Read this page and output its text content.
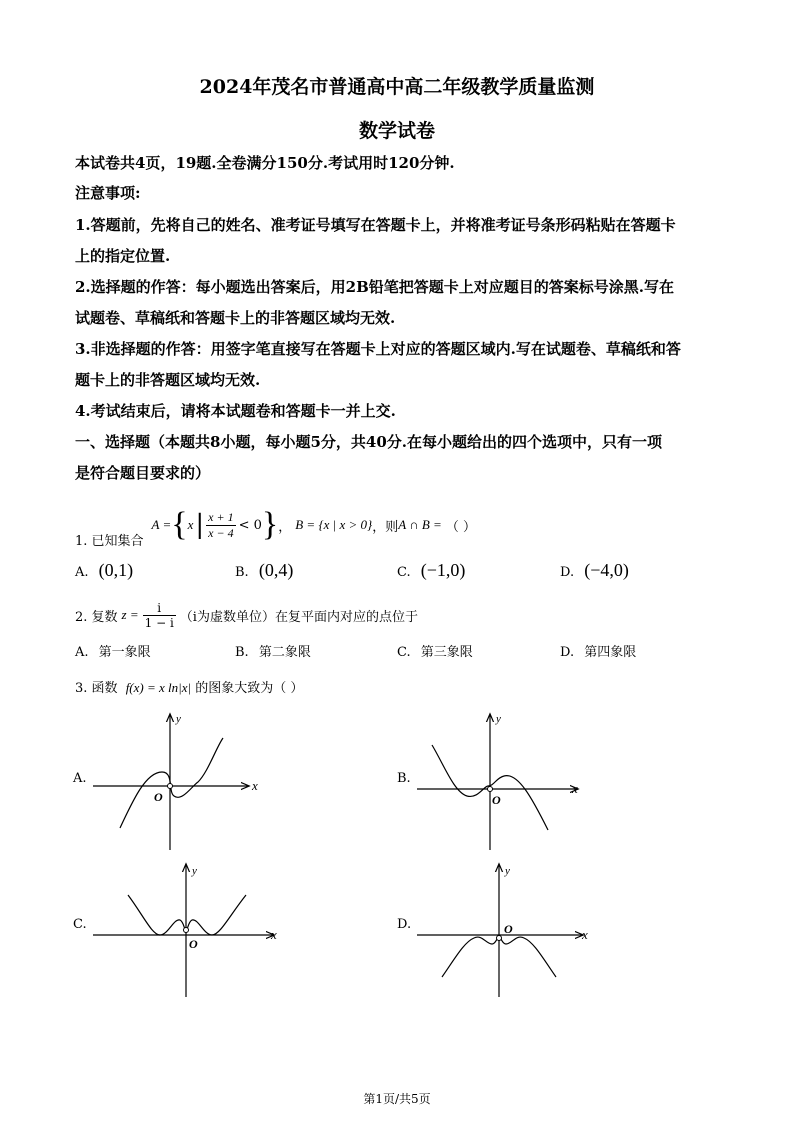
2024年茂名市普通高中高二年级教学质量监测
数学试卷
本试卷共4页，19题.全卷满分150分.考试用时120分钟.
注意事项:
1.答题前，先将自己的姓名、准考证号填写在答题卡上，并将准考证号条形码粘贴在答题卡
上的指定位置.
2.选择题的作答：每小题选出答案后，用2B铅笔把答题卡上对应题目的答案标号涂黑.写在
试题卷、草稿纸和答题卡上的非答题区域均无效.
3.非选择题的作答：用签字笔直接写在答题卡上对应的答题区域内.写在试题卷、草稿纸和答
题卡上的非答题区域均无效.
4.考试结束后，请将本试题卷和答题卡一并上交.
一、选择题（本题共8小题，每小题5分，共40分.在每小题给出的四个选项中，只有一项
是符合题目要求的）
1. 已知集合
A = { x | $\frac{x + 1}{x - 4} < 0$ } ， B = {x | x > 0} ，则 A ∩ B = （ ）
A. (0,1)	B. (0,4)	C. (−1,0)	D. (−4,0)
2. 复数 $z = \frac{i}{1 - i} (i$为虚数单位）在复平面内对应的点位于
A. 第一象限	B. 第二象限	C. 第三象限	D. 第四象限
3. 函数 f(x) = x ln|x| 的图象大致为（ ）
A.	x
y
O
B.
x
y
O
C.
x
y
O
D.
x
y
O
第1页/共5页
